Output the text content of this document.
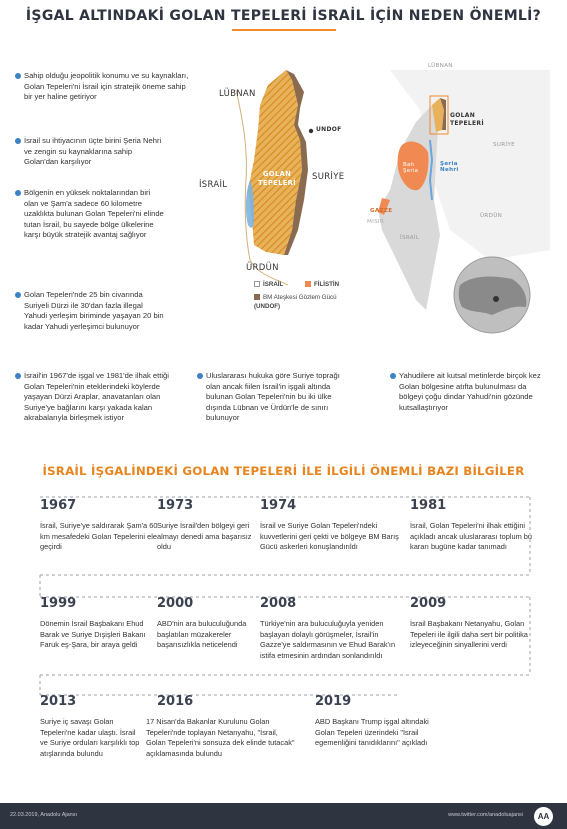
İŞGAL ALTINDAKİ GOLAN TEPELERİ İSRAİL İÇİN NEDEN ÖNEMLİ?
Sahip olduğu jeopolitik konumu ve su kaynakları, Golan Tepeleri'ni İsrail için stratejik öneme sahip bir yer haline getiriyor
İsrail su ihtiyacının üçte birini Şeria Nehri ve zengin su kaynaklarına sahip Golan'dan karşılıyor
Bölgenin en yüksek noktalarından biri olan ve Şam'a sadece 60 kilometre uzaklıkta bulunan Golan Tepeleri'ni elinde tutan İsrail, bu sayede bölge ülkelerine karşı büyük stratejik avantaj sağlıyor
Golan Tepeleri'nde 25 bin civarında Suriyeli Dürzi ile 30'dan fazla illegal Yahudi yerleşim biriminde yaşayan 20 bin kadar Yahudi yerleşimci bulunuyor
LÜBNAN
İSRAİL
SURİYE
ÜRDÜN
GOLAN TEPELERİ
UNDOF
LÜBNAN
SURİYE
ÜRDÜN
İSRAİL
MISIR
GAZZE
Batı Şeria
Şeria Nehri
GOLAN TEPELERİ
İSRAİL	FİLİSTİN
BM Ateşkesi Gözlem Gücü
(UNDOF)
İsrail'in 1967'de işgal ve 1981'de ilhak ettiği Golan Tepeleri'nin eteklerindeki köylerde yaşayan Dürzi Araplar, anavatanları olan Suriye'ye bağlarını karşı yakada kalan akrabalarıyla birleşmek istiyor
Uluslararası hukuka göre Suriye toprağı olan ancak fiilen İsrail'in işgali altında bulunan Golan Tepeleri'nin bu iki ülke dışında Lübnan ve Ürdün'le de sınırı bulunuyor
Yahudilere ait kutsal metinlerde birçok kez Golan bölgesine atıfta bulunulması da bölgeyi çoğu dindar Yahudi'nin gözünde kutsallaştırıyor
İSRAİL İŞGALİNDEKİ GOLAN TEPELERİ İLE İLGİLİ ÖNEMLİ BAZI BİLGİLER
1967
İsrail, Suriye'ye saldırarak Şam'a 60 km mesafedeki Golan Tepelerini ele geçirdi
1973
Suriye İsrail'den bölgeyi geri almayı denedi ama başarısız oldu
1974
İsrail ve Suriye Golan Tepeleri'ndeki kuvvetlerini geri çekti ve bölgeye BM Barış Gücü askerleri konuşlandırıldı
1981
İsrail, Golan Tepeleri'ni ilhak ettiğini açıkladı ancak uluslararası toplum bu kararı bugüne kadar tanımadı
1999
Dönemin İsrail Başbakanı Ehud Barak ve Suriye Dışişleri Bakanı Faruk eş-Şara, bir araya geldi
2000
ABD'nin ara buluculuğunda başlatılan müzakereler başarısızlıkla neticelendi
2008
Türkiye'nin ara buluculuğuyla yeniden başlayan dolaylı görüşmeler, İsrail'in Gazze'ye saldırmasının ve Ehud Barak'ın istifa etmesinin ardından sonlandırıldı
2009
İsrail Başbakanı Netanyahu, Golan Tepeleri ile ilgili daha sert bir politika izleyeceğinin sinyallerini verdi
2013
Suriye iç savaşı Golan Tepeleri'ne kadar ulaştı. İsrail ve Suriye orduları karşılıklı top atışlarında bulundu
2016
17 Nisan'da Bakanlar Kurulunu Golan Tepeleri'nde toplayan Netanyahu, "İsrail, Golan Tepeleri'ni sonsuza dek elinde tutacak" açıklamasında bulundu
2019
ABD Başkanı Trump işgal altındaki Golan Tepeleri üzerindeki "İsrail egemenliğini tanıdıklarını" açıkladı
22.03.2019, Anadolu Ajansı	www.twitter.com/anadoluajansi	AA
